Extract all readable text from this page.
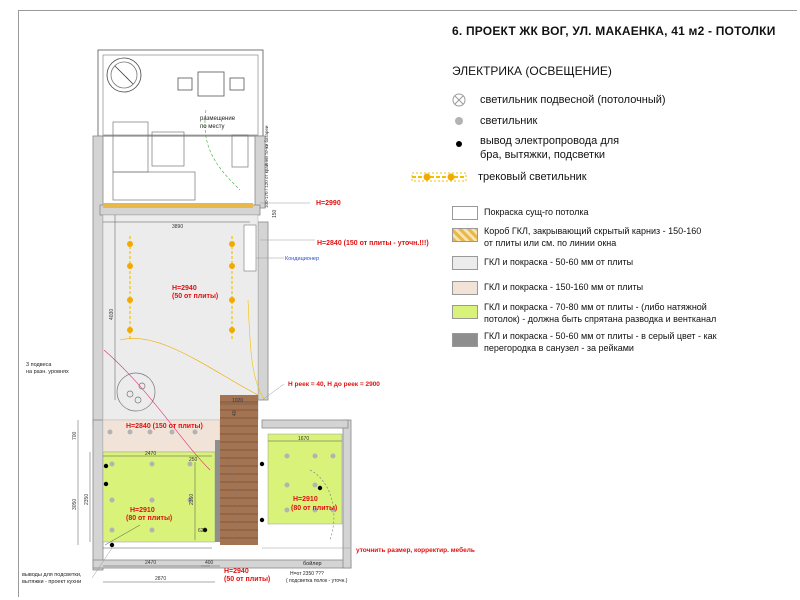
6. ПРОЕКТ ЖК ВОГ, УЛ. МАКАЕНКА, 41 м2 - ПОТОЛКИ
ЭЛЕКТРИКА (ОСВЕЩЕНИЕ)
светильник подвесной (потолочный)
светильник
вывод электропровода для
бра, вытяжки, подсветки
трековый светильник
Покраска сущ-го потолка
Короб ГКЛ, закрывающий скрытый карниз - 150-160
от плиты или см. по линии окна
ГКЛ и покраска - 50-60 мм от плиты
ГКЛ и покраска - 150-160 мм от плиты
ГКЛ и покраска - 70-80 мм от плиты - (либо натяжной
потолок) - должна быть спрятана разводка и вентканал
ГКЛ и покраска - 50-60 мм от плиты - в серый цвет - как
перегородка в санузел - за рейками
размещение
по месту	100-170 / 120 от крайней точки батареи	Н=2990
Н=2840 (150 от плиты - уточн.!!!)
Кондиционер
Н=2940
(50 от плиты)
3 подвеса
на разн. уровнях
Н реек = 40, Н до реек = 2900
Н=2840 (150 от плиты)
Н=2910
(80 от плиты)
Н=2910
(80 от плиты)
уточнить размер, корректир. мебель
бойлер
Н=от 2350 ???
( подсветка полок - уточн.)
выводы для подсветки,
вытяжки - проект кухни
Н=2940
(50 от плиты)
3890
4030
1020
40
700
3050 2350
2470
250
2350
620
1670
2470	400
2870
150
